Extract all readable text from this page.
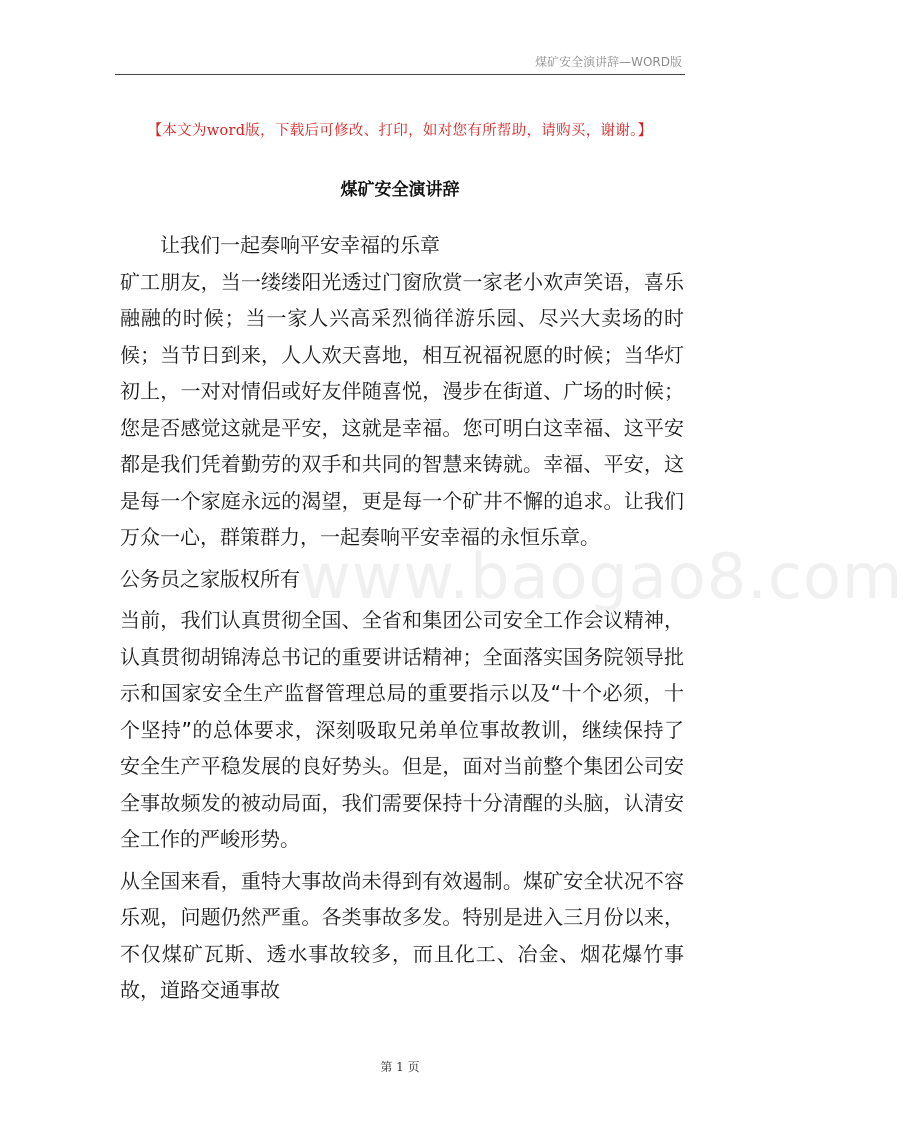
煤矿安全演讲辞—WORD版
【本文为word版，下载后可修改、打印，如对您有所帮助，请购买，谢谢。】
煤矿安全演讲辞
www.baogao8.com

让我们一起奏响平安幸福的乐章

矿工朋友，当一缕缕阳光透过门窗欣赏一家老小欢声笑语，喜乐融融的时候；当一家人兴高采烈徜徉游乐园、尽兴大卖场的时候；当节日到来，人人欢天喜地，相互祝福祝愿的时候；当华灯初上，一对对情侣或好友伴随喜悦，漫步在街道、广场的时候；您是否感觉这就是平安，这就是幸福。您可明白这幸福、这平安都是我们凭着勤劳的双手和共同的智慧来铸就。幸福、平安，这是每一个家庭永远的渴望，更是每一个矿井不懈的追求。让我们万众一心，群策群力，一起奏响平安幸福的永恒乐章。

公务员之家版权所有

当前，我们认真贯彻全国、全省和集团公司安全工作会议精神，认真贯彻胡锦涛总书记的重要讲话精神；全面落实国务院领导批示和国家安全生产监督管理总局的重要指示以及“十个必须，十个坚持”的总体要求，深刻吸取兄弟单位事故教训，继续保持了安全生产平稳发展的良好势头。但是，面对当前整个集团公司安全事故频发的被动局面，我们需要保持十分清醒的头脑，认清安全工作的严峻形势。

从全国来看，重特大事故尚未得到有效遏制。煤矿安全状况不容乐观，问题仍然严重。各类事故多发。特别是进入三月份以来，不仅煤矿瓦斯、透水事故较多，而且化工、冶金、烟花爆竹事故，道路交通事故

第 1 页
